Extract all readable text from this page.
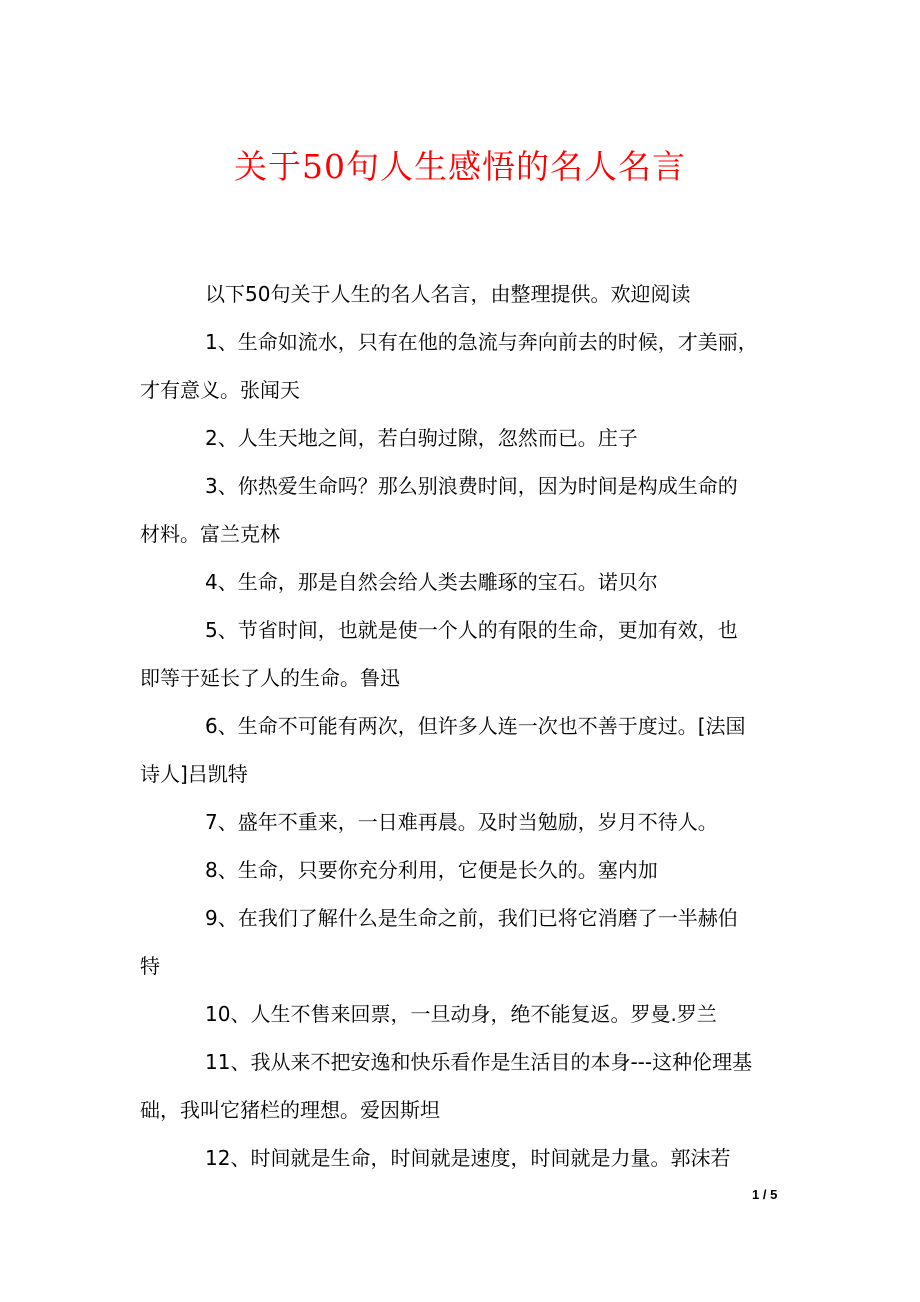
关于50句人生感悟的名人名言

以下50句关于人生的名人名言，由整理提供。欢迎阅读

1、生命如流水，只有在他的急流与奔向前去的时候，才美丽，
才有意义。张闻天

2、人生天地之间，若白驹过隙，忽然而已。庄子

3、你热爱生命吗？那么别浪费时间，因为时间是构成生命的
材料。富兰克林

4、生命，那是自然会给人类去雕琢的宝石。诺贝尔

5、节省时间，也就是使一个人的有限的生命，更加有效，也
即等于延长了人的生命。鲁迅

6、生命不可能有两次，但许多人连一次也不善于度过。[法国
诗人]吕凯特

7、盛年不重来，一日难再晨。及时当勉励，岁月不待人。

8、生命，只要你充分利用，它便是长久的。塞内加

9、在我们了解什么是生命之前，我们已将它消磨了一半赫伯
特

10、人生不售来回票，一旦动身，绝不能复返。罗曼.罗兰

11、我从来不把安逸和快乐看作是生活目的本身---这种伦理基
础，我叫它猪栏的理想。爱因斯坦

12、时间就是生命，时间就是速度，时间就是力量。郭沫若

1 / 5
